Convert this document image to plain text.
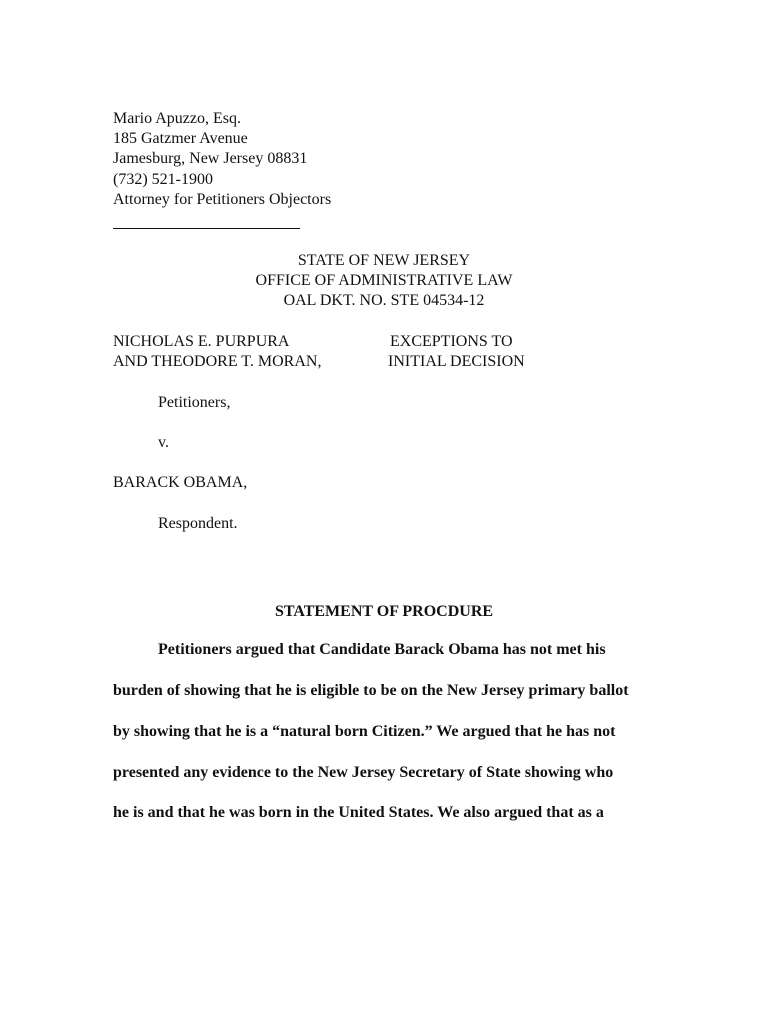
Mario Apuzzo, Esq.
185 Gatzmer Avenue
Jamesburg, New Jersey 08831
(732) 521-1900
Attorney for Petitioners Objectors
STATE OF NEW JERSEY
OFFICE OF ADMINISTRATIVE LAW
OAL DKT. NO. STE 04534-12
NICHOLAS E. PURPURA
AND THEODORE T. MORAN,
EXCEPTIONS TO
INITIAL DECISION
Petitioners,
v.
BARACK OBAMA,
Respondent.
STATEMENT OF PROCDURE
Petitioners argued that Candidate Barack Obama has not met his
burden of showing that he is eligible to be on the New Jersey primary ballot
by showing that he is a “natural born Citizen.” We argued that he has not
presented any evidence to the New Jersey Secretary of State showing who
he is and that he was born in the United States. We also argued that as a
